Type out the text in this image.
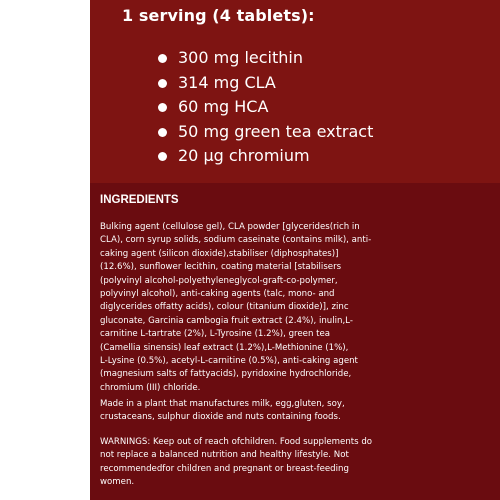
1 serving (4 tablets):
300 mg lecithin
314 mg CLA
60 mg HCA
50 mg green tea extract
20 µg chromium
INGREDIENTS

Bulking agent (cellulose gel), CLA powder [glycerides(rich in
CLA), corn syrup solids, sodium caseinate (contains milk), anti-
caking agent (silicon dioxide),stabiliser (diphosphates)]
(12.6%), sunflower lecithin, coating material [stabilisers
(polyvinyl alcohol-polyethyleneglycol-graft-co-polymer,
polyvinyl alcohol), anti-caking agents (talc, mono- and
diglycerides offatty acids), colour (titanium dioxide)], zinc
gluconate, Garcinia cambogia fruit extract (2.4%), inulin,L-
carnitine L-tartrate (2%), L-Tyrosine (1.2%), green tea
(Camellia sinensis) leaf extract (1.2%),L-Methionine (1%),
L-Lysine (0.5%), acetyl-L-carnitine (0.5%), anti-caking agent
(magnesium salts of fattyacids), pyridoxine hydrochloride,
chromium (III) chloride.

Made in a plant that manufactures milk, egg,gluten, soy,
crustaceans, sulphur dioxide and nuts containing foods.

WARNINGS: Keep out of reach ofchildren. Food supplements do
not replace a balanced nutrition and healthy lifestyle. Not
recommendedfor children and pregnant or breast-feeding
women.
